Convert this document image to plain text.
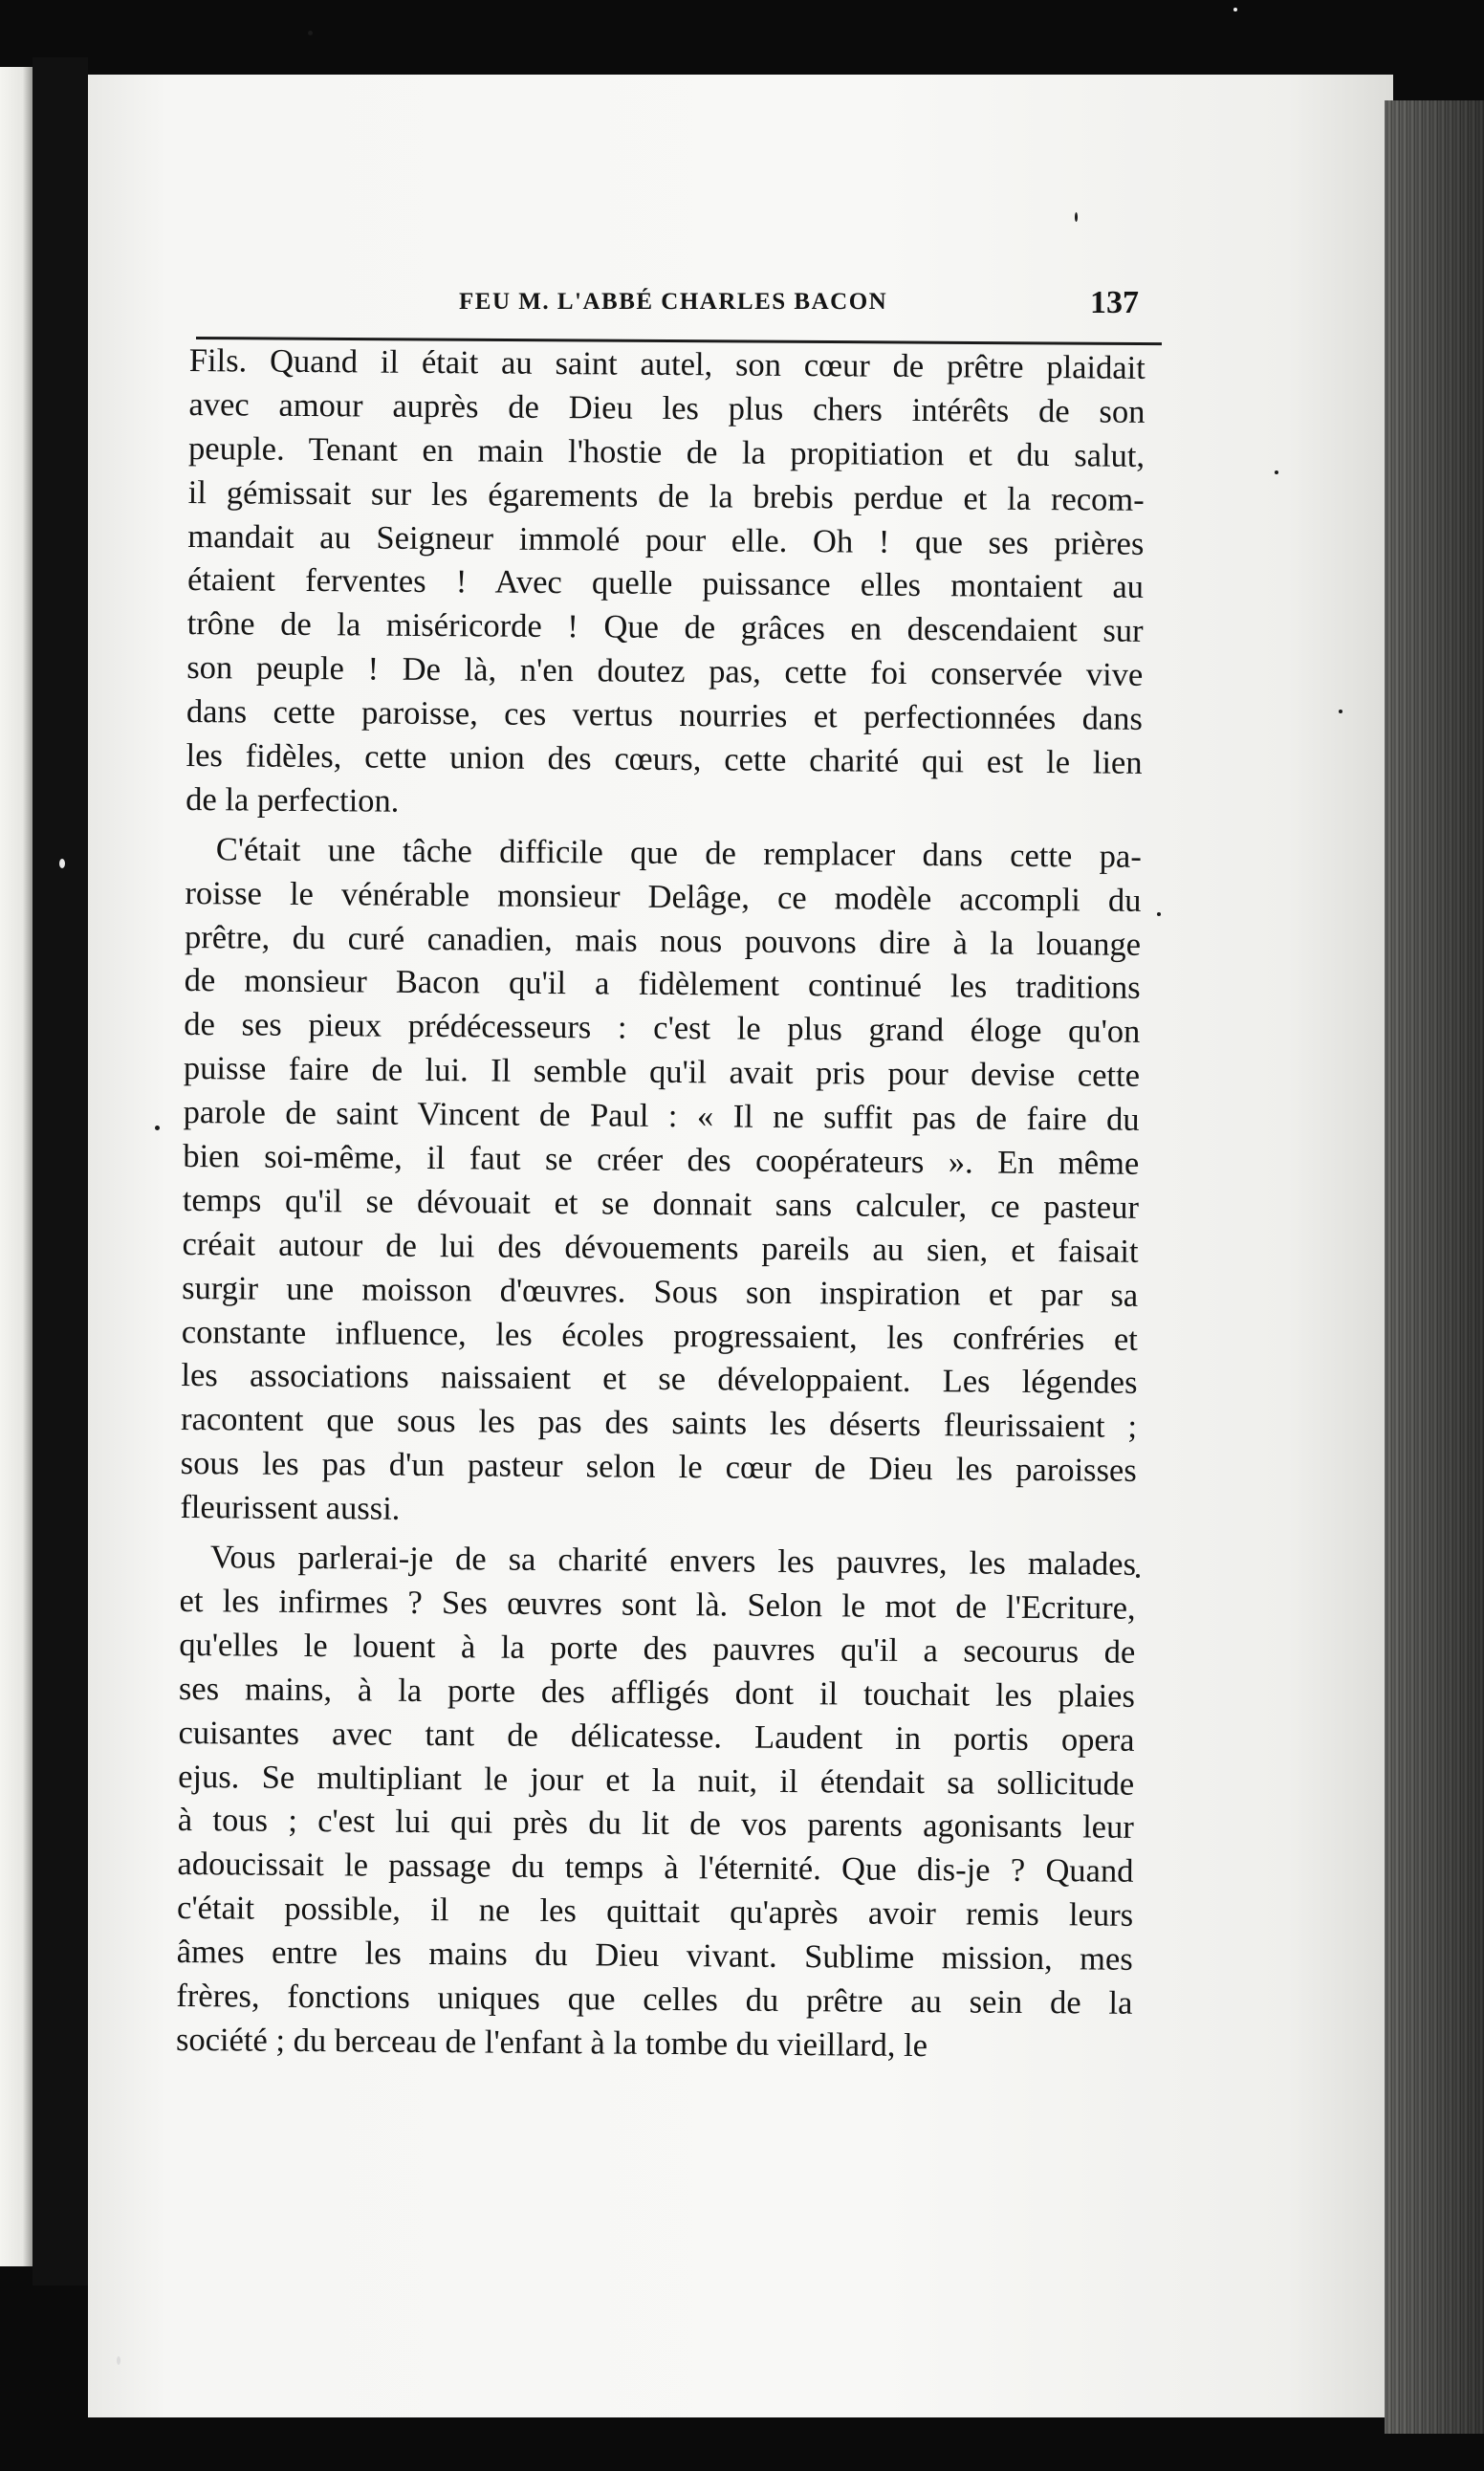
FEU M. L'ABBÉ CHARLES BACON	137

Fils. Quand il était au saint autel, son cœur de prêtre plaidait
avec amour auprès de Dieu les plus chers intérêts de son
peuple. Tenant en main l'hostie de la propitiation et du salut,
il gémissait sur les égarements de la brebis perdue et la recom-
mandait au Seigneur immolé pour elle. Oh ! que ses prières
étaient ferventes ! Avec quelle puissance elles montaient au
trône de la miséricorde ! Que de grâces en descendaient sur
son peuple ! De là, n'en doutez pas, cette foi conservée vive
dans cette paroisse, ces vertus nourries et perfectionnées dans
les fidèles, cette union des cœurs, cette charité qui est le lien
de la perfection.

C'était une tâche difficile que de remplacer dans cette pa-
roisse le vénérable monsieur Delâge, ce modèle accompli du
prêtre, du curé canadien, mais nous pouvons dire à la louange
de monsieur Bacon qu'il a fidèlement continué les traditions
de ses pieux prédécesseurs : c'est le plus grand éloge qu'on
puisse faire de lui. Il semble qu'il avait pris pour devise cette
parole de saint Vincent de Paul : « Il ne suffit pas de faire du
bien soi-même, il faut se créer des coopérateurs ». En même
temps qu'il se dévouait et se donnait sans calculer, ce pasteur
créait autour de lui des dévouements pareils au sien, et faisait
surgir une moisson d'œuvres. Sous son inspiration et par sa
constante influence, les écoles progressaient, les confréries et
les associations naissaient et se développaient. Les légendes
racontent que sous les pas des saints les déserts fleurissaient ;
sous les pas d'un pasteur selon le cœur de Dieu les paroisses
fleurissent aussi.

Vous parlerai-je de sa charité envers les pauvres, les malades
et les infirmes ? Ses œuvres sont là. Selon le mot de l'Ecriture,
qu'elles le louent à la porte des pauvres qu'il a secourus de
ses mains, à la porte des affligés dont il touchait les plaies
cuisantes avec tant de délicatesse. Laudent in portis opera
ejus. Se multipliant le jour et la nuit, il étendait sa sollicitude
à tous ; c'est lui qui près du lit de vos parents agonisants leur
adoucissait le passage du temps à l'éternité. Que dis-je ? Quand
c'était possible, il ne les quittait qu'après avoir remis leurs
âmes entre les mains du Dieu vivant. Sublime mission, mes
frères, fonctions uniques que celles du prêtre au sein de la
société ; du berceau de l'enfant à la tombe du vieillard, le
